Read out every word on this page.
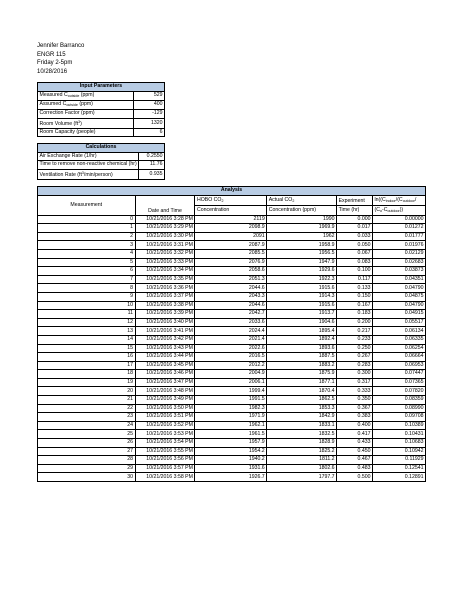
Jennifer Barranco
ENGR 115
Friday 2-5pm
10/28/2016
Input Parameters	
Measured $C_{outside}$ (ppm)	529
Assumed $C_{outside}$ (ppm)	400
Correction Factor (ppm)	-129
Room Volume $(ft^3)$	1320
Room Capacity (people)	6
Calculations	
Air Exchange Rate (1/hr)	0.2550
Time to remove non-reactive chemical (hr)	11.76
Ventilation Rate $(ft^3/\min/person)$	0.935
Analysis					
Measurement	Date and Time	HOBO $CO_2$	Actual $CO_2$	Experiment	$\ln((C_{indoor}/(C_{outdoor}/$
		Concentration	Concentration (ppm)	Time (hr)	$(C_o-C_{outdoor})$)
0	10/21/2016 3:28 PM	2119	1990	0.000	0.00000
1	10/21/2016 3:29 PM	2098.9	1969.9	0.017	0.01272
2	10/21/2016 3:30 PM	2091	1962	0.033	0.01777
3	10/21/2016 3:31 PM	2087.9	1958.9	0.050	0.01976
4	10/21/2016 3:32 PM	2085.5	1956.5	0.067	0.02129
5	10/21/2016 3:33 PM	2076.9	1947.9	0.083	0.02683
6	10/21/2016 3:34 PM	2058.6	1929.6	0.100	0.03873
7	10/21/2016 3:35 PM	2051.3	1922.3	0.117	0.04351
8	10/21/2016 3:36 PM	2044.6	1915.6	0.133	0.04790
9	10/21/2016 3:37 PM	2043.3	1914.3	0.150	0.04875
10	10/21/2016 3:38 PM	2044.6	1915.6	0.167	0.04790
11	10/21/2016 3:39 PM	2042.7	1913.7	0.183	0.04915
12	10/21/2016 3:40 PM	2033.6	1904.6	0.200	0.05517
13	10/21/2016 3:41 PM	2024.4	1895.4	0.217	0.06134
14	10/21/2016 3:42 PM	2021.4	1892.4	0.233	0.06335
15	10/21/2016 3:43 PM	2022.6	1893.6	0.250	0.06254
16	10/21/2016 3:44 PM	2016.5	1887.5	0.267	0.06664
17	10/21/2016 3:45 PM	2012.2	1883.2	0.283	0.06953
18	10/21/2016 3:46 PM	2004.9	1875.9	0.300	0.07447
19	10/21/2016 3:47 PM	2006.1	1877.1	0.317	0.07365
20	10/21/2016 3:48 PM	1999.4	1870.4	0.333	0.07820
21	10/21/2016 3:49 PM	1991.5	1862.5	0.350	0.08359
22	10/21/2016 3:50 PM	1982.3	1853.3	0.367	0.08990
23	10/21/2016 3:51 PM	1971.9	1842.9	0.383	0.09708
24	10/21/2016 3:52 PM	1962.1	1833.1	0.400	0.10389
25	10/21/2016 3:53 PM	1961.5	1832.5	0.417	0.10431
26	10/21/2016 3:54 PM	1957.9	1828.9	0.433	0.10683
27	10/21/2016 3:55 PM	1954.2	1825.2	0.450	0.10942
28	10/21/2016 3:56 PM	1940.2	1811.2	0.467	0.11929
29	10/21/2016 3:57 PM	1931.6	1802.6	0.483	0.12541
30	10/21/2016 3:58 PM	1926.7	1797.7	0.500	0.12891
